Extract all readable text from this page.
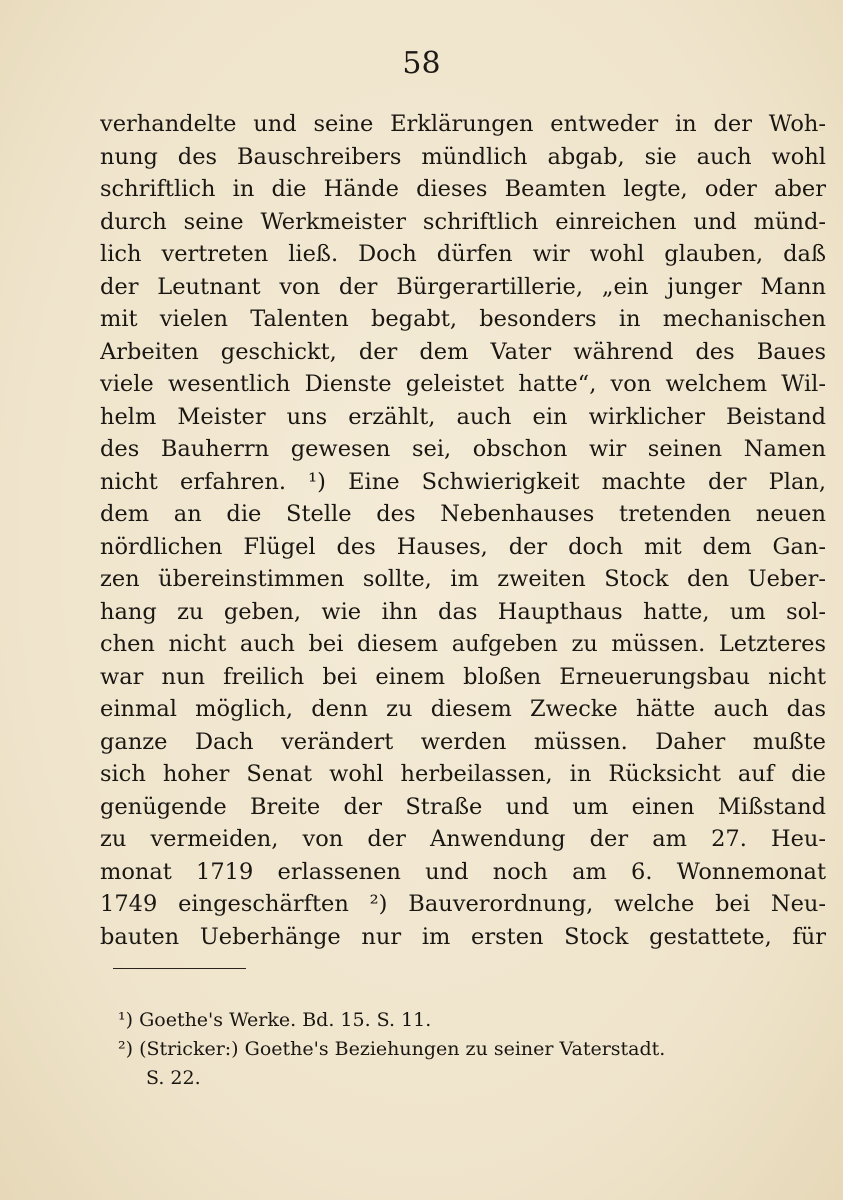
58
verhandelte und seine Erklärungen entweder in der Woh-
nung des Bauschreibers mündlich abgab, sie auch wohl
schriftlich in die Hände dieses Beamten legte, oder aber
durch seine Werkmeister schriftlich einreichen und münd-
lich vertreten ließ. Doch dürfen wir wohl glauben, daß
der Leutnant von der Bürgerartillerie, „ein junger Mann
mit vielen Talenten begabt, besonders in mechanischen
Arbeiten geschickt, der dem Vater während des Baues
viele wesentlich Dienste geleistet hatte“, von welchem Wil-
helm Meister uns erzählt, auch ein wirklicher Beistand
des Bauherrn gewesen sei, obschon wir seinen Namen
nicht erfahren. ¹) Eine Schwierigkeit machte der Plan,
dem an die Stelle des Nebenhauses tretenden neuen
nördlichen Flügel des Hauses, der doch mit dem Gan-
zen übereinstimmen sollte, im zweiten Stock den Ueber-
hang zu geben, wie ihn das Haupthaus hatte, um sol-
chen nicht auch bei diesem aufgeben zu müssen. Letzteres
war nun freilich bei einem bloßen Erneuerungsbau nicht
einmal möglich, denn zu diesem Zwecke hätte auch das
ganze Dach verändert werden müssen. Daher mußte
sich hoher Senat wohl herbeilassen, in Rücksicht auf die
genügende Breite der Straße und um einen Mißstand
zu vermeiden, von der Anwendung der am 27. Heu-
monat 1719 erlassenen und noch am 6. Wonnemonat
1749 eingeschärften ²) Bauverordnung, welche bei Neu-
bauten Ueberhänge nur im ersten Stock gestattete, für
¹) Goethe's Werke. Bd. 15. S. 11.
²) (Stricker:) Goethe's Beziehungen zu seiner Vaterstadt.
S. 22.
